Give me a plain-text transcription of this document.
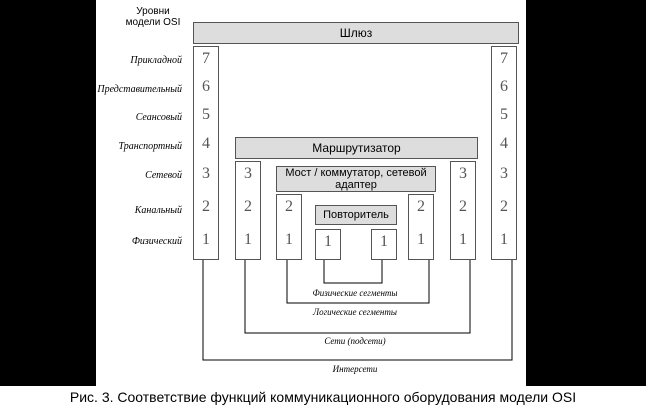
Уровни модели OSI
Шлюз
Прикладной
Представительный
Сеансовый
Транспортный
Сетевой
Канальный
Физический
7
6
5
4
3
2
1
7
6
5
4
3
2
1
Маршрутизатор
3
2
1
3
2
1
Мост / коммутатор, сетевой адаптер
2
1
2
1
Повторитель
1	1
Физические сегменты
Логические сегменты
Сети (подсети)
Интерсети
Рис. 3. Соответствие функций коммуникационного оборудования модели OSI
